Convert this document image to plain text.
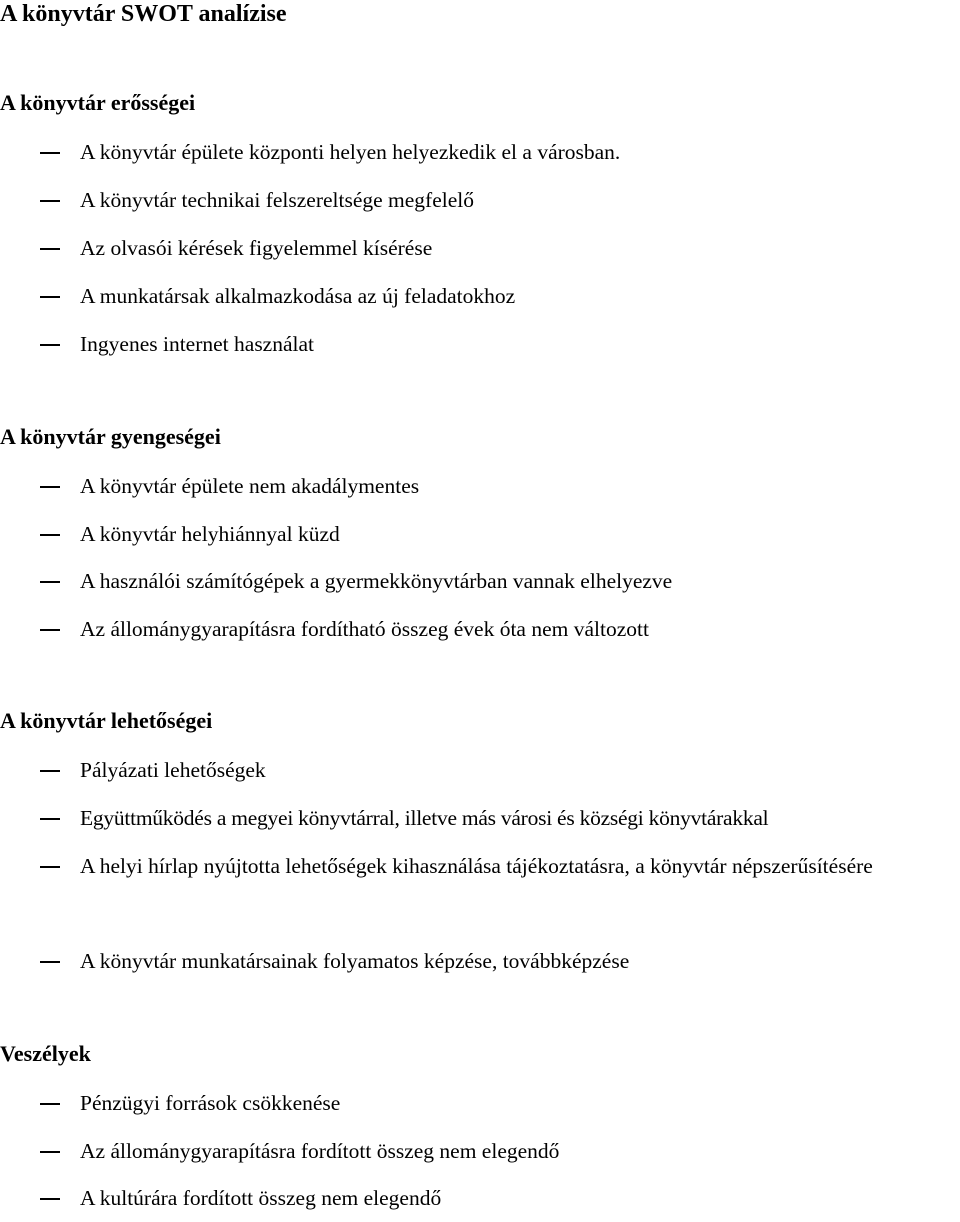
A könyvtár SWOT analízise
A könyvtár erősségei
A könyvtár épülete központi helyen helyezkedik el a városban.
A könyvtár technikai felszereltsége megfelelő
Az olvasói kérések figyelemmel kísérése
A munkatársak alkalmazkodása az új feladatokhoz
Ingyenes internet használat
A könyvtár gyengeségei
A könyvtár épülete nem akadálymentes
A könyvtár helyhiánnyal küzd
A használói számítógépek a gyermekkönyvtárban vannak elhelyezve
Az állománygyarapításra fordítható összeg évek óta nem változott
A könyvtár lehetőségei
Pályázati lehetőségek
Együttműködés a megyei könyvtárral, illetve más városi és községi könyvtárakkal
A helyi hírlap nyújtotta lehetőségek kihasználása tájékoztatásra, a könyvtár népszerűsítésére
A könyvtár munkatársainak folyamatos képzése, továbbképzése
Veszélyek
Pénzügyi források csökkenése
Az állománygyarapításra fordított összeg nem elegendő
A kultúrára fordított összeg nem elegendő
